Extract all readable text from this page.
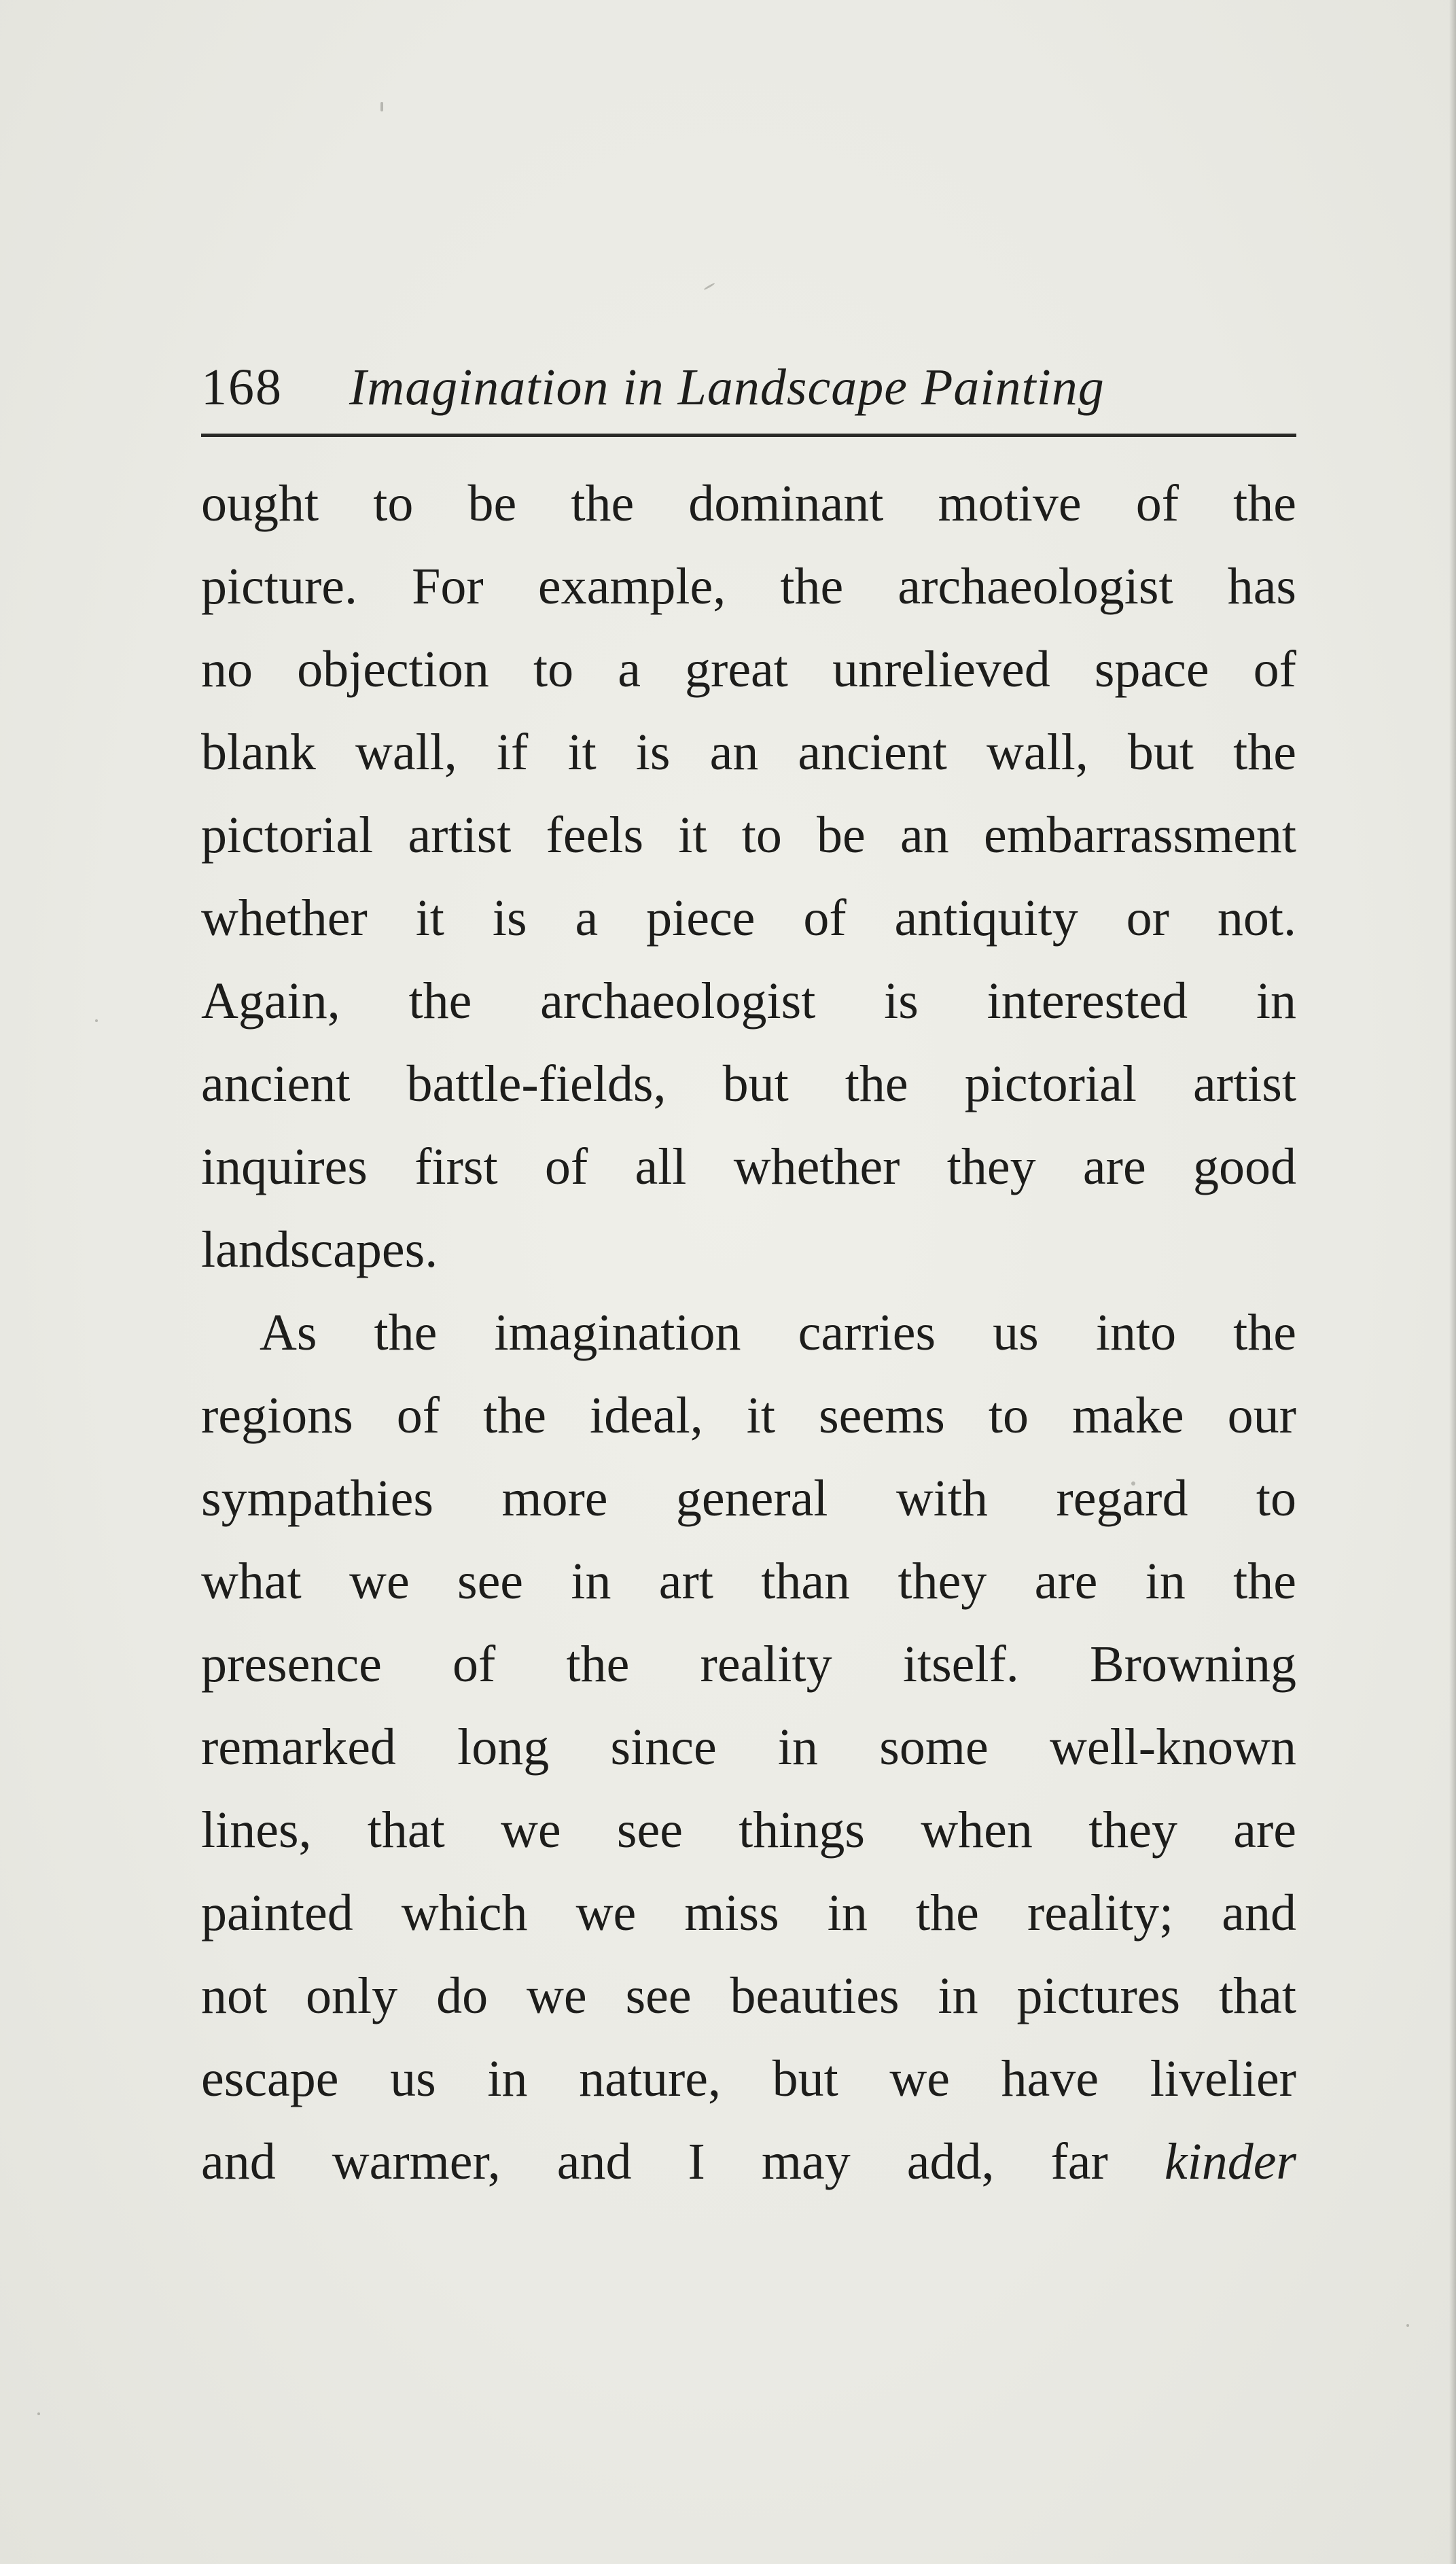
168 Imagination in Landscape Painting
ought to be the dominant motive of the
picture. For example, the archaeologist has
no objection to a great unrelieved space of
blank wall, if it is an ancient wall, but the
pictorial artist feels it to be an embarrassment
whether it is a piece of antiquity or not.
Again, the archaeologist is interested in
ancient battle-fields, but the pictorial artist
inquires first of all whether they are good
landscapes.
As the imagination carries us into the
regions of the ideal, it seems to make our
sympathies more general with regard to
what we see in art than they are in the
presence of the reality itself. Browning
remarked long since in some well-known
lines, that we see things when they are
painted which we miss in the reality; and
not only do we see beauties in pictures that
escape us in nature, but we have livelier
and warmer, and I may add, far kinder
